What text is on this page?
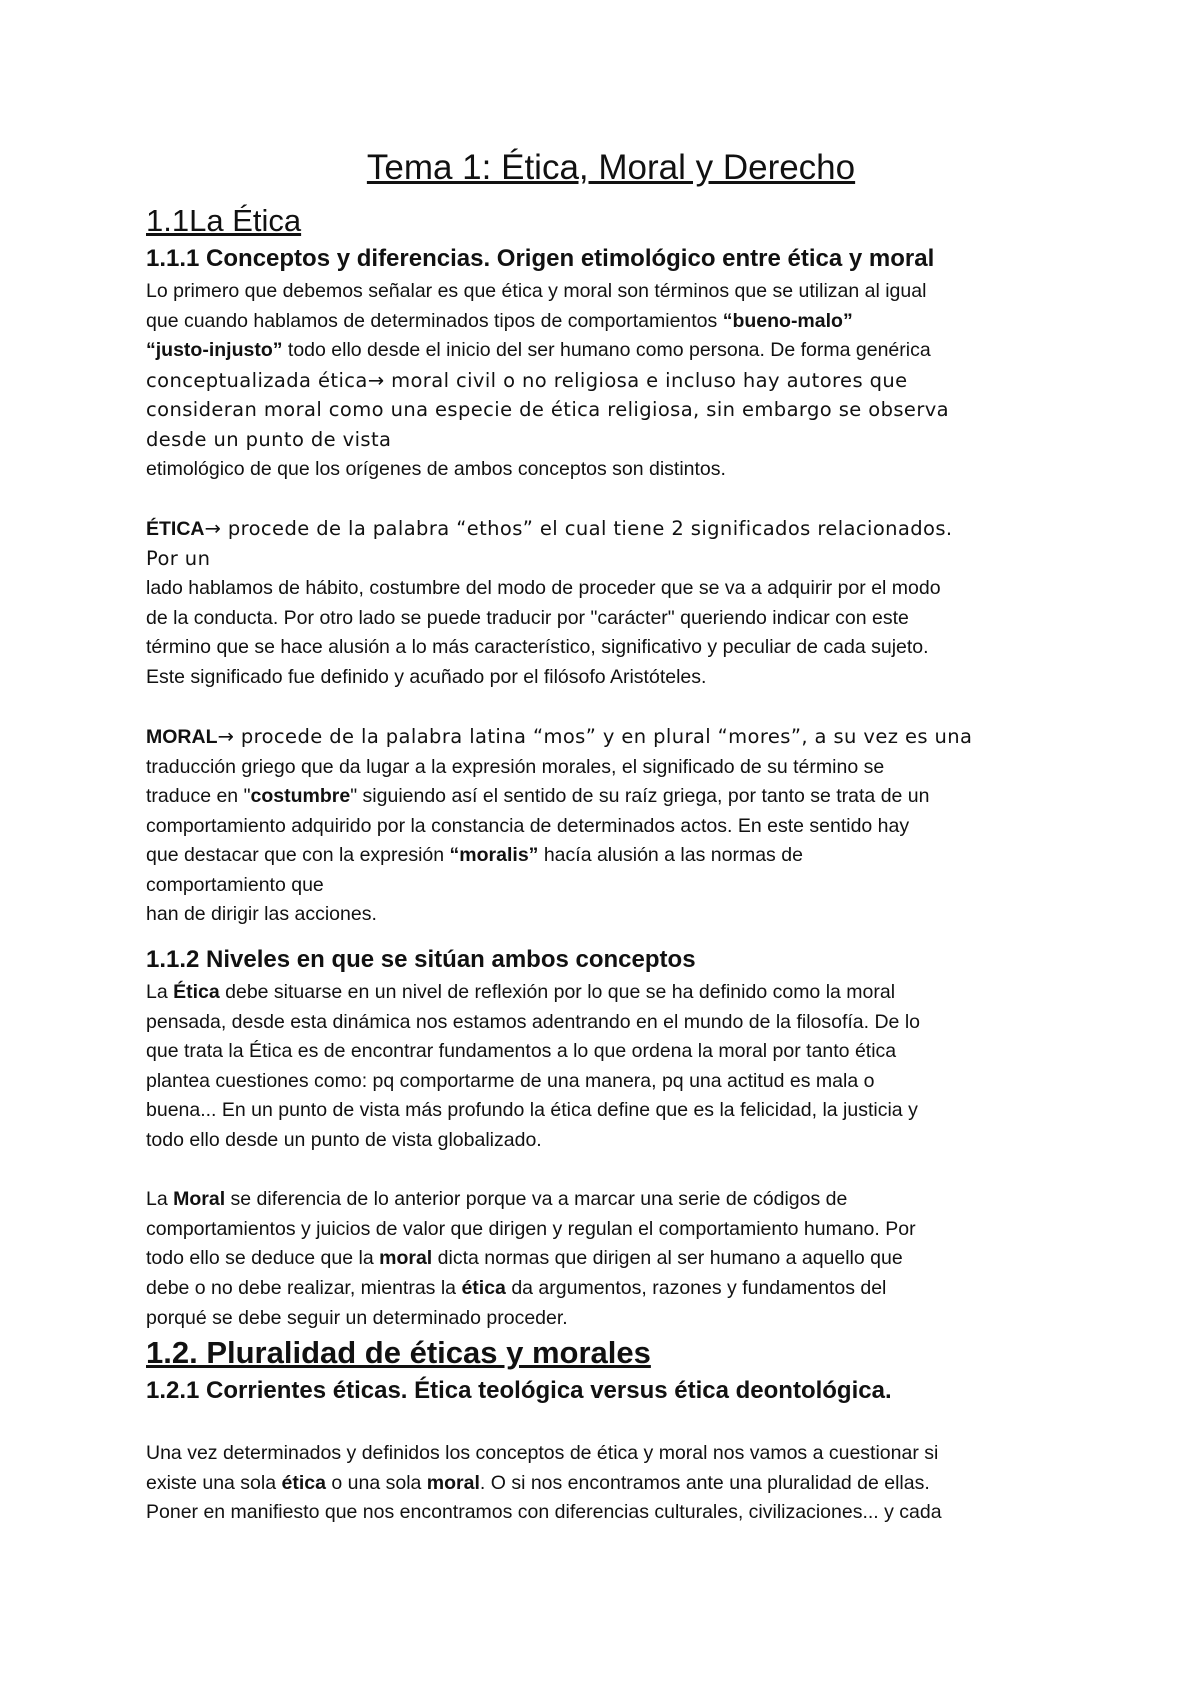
Tema 1: Ética, Moral y Derecho
1.1La Ética
1.1.1 Conceptos y diferencias. Origen etimológico entre ética y moral

Lo primero que debemos señalar es que ética y moral son términos que se utilizan al igual

que cuando hablamos de determinados tipos de comportamientos “bueno-malo”

“justo-injusto” todo ello desde el inicio del ser humano como persona. De forma genérica

conceptualizada ética→ moral civil o no religiosa e incluso hay autores que

consideran moral como una especie de ética religiosa, sin embargo se observa

desde un punto de vista

etimológico de que los orígenes de ambos conceptos son distintos.

ÉTICA→ procede de la palabra “ethos” el cual tiene 2 significados relacionados.

Por un

lado hablamos de hábito, costumbre del modo de proceder que se va a adquirir por el modo

de la conducta. Por otro lado se puede traducir por "carácter" queriendo indicar con este

término que se hace alusión a lo más característico, significativo y peculiar de cada sujeto.

Este significado fue definido y acuñado por el filósofo Aristóteles.

MORAL→ procede de la palabra latina “mos” y en plural “mores”, a su vez es una

traducción griego que da lugar a la expresión morales, el significado de su término se

traduce en "costumbre" siguiendo así el sentido de su raíz griega, por tanto se trata de un

comportamiento adquirido por la constancia de determinados actos. En este sentido hay

que destacar que con la expresión “moralis” hacía alusión a las normas de

comportamiento que

han de dirigir las acciones.

1.1.2 Niveles en que se sitúan ambos conceptos

La Ética debe situarse en un nivel de reflexión por lo que se ha definido como la moral

pensada, desde esta dinámica nos estamos adentrando en el mundo de la filosofía. De lo

que trata la Ética es de encontrar fundamentos a lo que ordena la moral por tanto ética

plantea cuestiones como: pq comportarme de una manera, pq una actitud es mala o

buena... En un punto de vista más profundo la ética define que es la felicidad, la justicia y

todo ello desde un punto de vista globalizado.

La Moral se diferencia de lo anterior porque va a marcar una serie de códigos de

comportamientos y juicios de valor que dirigen y regulan el comportamiento humano. Por

todo ello se deduce que la moral dicta normas que dirigen al ser humano a aquello que

debe o no debe realizar, mientras la ética da argumentos, razones y fundamentos del

porqué se debe seguir un determinado proceder.

1.2. Pluralidad de éticas y morales
1.2.1 Corrientes éticas. Ética teológica versus ética deontológica.

Una vez determinados y definidos los conceptos de ética y moral nos vamos a cuestionar si

existe una sola ética o una sola moral. O si nos encontramos ante una pluralidad de ellas.

Poner en manifiesto que nos encontramos con diferencias culturales, civilizaciones... y cada
